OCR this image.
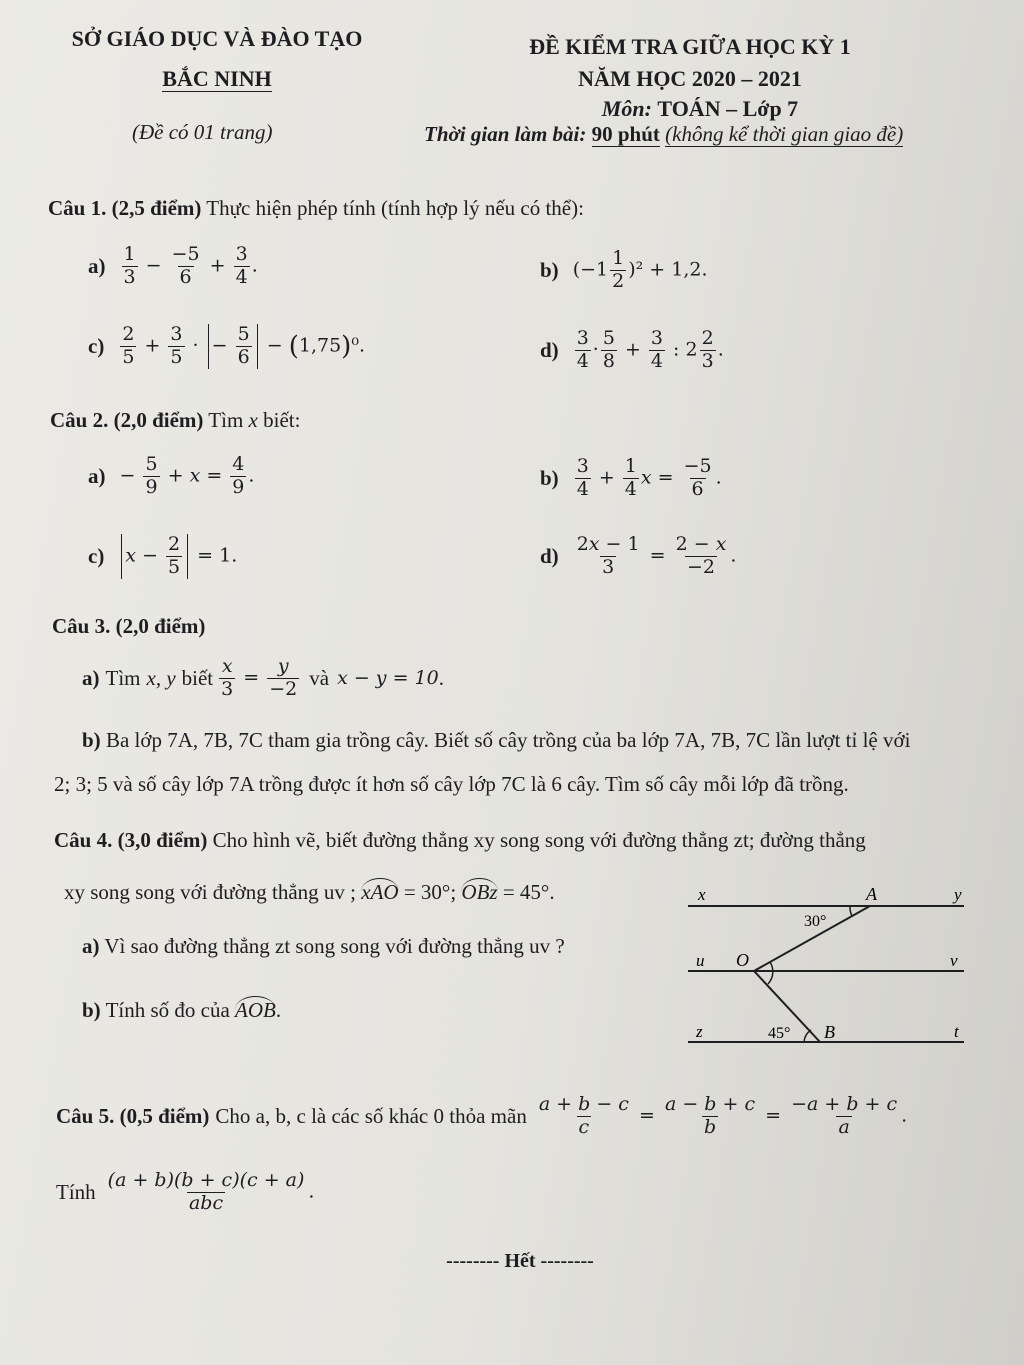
SỞ GIÁO DỤC VÀ ĐÀO TẠO
BẮC NINH
(Đề có 01 trang)
ĐỀ KIỂM TRA GIỮA HỌC KỲ 1
NĂM HỌC 2020 – 2021
Môn: TOÁN – Lớp 7
Thời gian làm bài: 90 phút (không kể thời gian giao đề)
Câu 1. (2,5 điểm) Thực hiện phép tính (tính hợp lý nếu có thể):
$a) \frac{1}{3} - \frac{-5}{6} + \frac{3}{4}$ .	b) $(-1 \frac{1}{2} )^2 + 1,2$.
$c) \frac{2}{5} + \frac{3}{5}$ · − $\frac{5}{6} - (1,75)^0$.	$d) \frac{3}{4} \cdot \frac{5}{8} + \frac{3}{4}$ : $2 \frac{2}{3}$ .
Câu 2. (2,0 điểm) Tìm x biết:
$a) - \frac{5}{9} + x = \frac{4}{9}$ .	$b) \frac{3}{4} + \frac{1}{4}$ $x = \frac{-5}{6}$ .
c)	$x - \frac{2}{5} = 1$.	$d) \frac{2x - 1}{3} = \frac{2 - x}{-2}$ .
Câu 3. (2,0 điểm)
a) Tìm x, y biết $\frac{x}{3} = \frac{y}{-2}$ và x − y = 10 .
b) Ba lớp 7A, 7B, 7C tham gia trồng cây. Biết số cây trồng của ba lớp 7A, 7B, 7C lần lượt tỉ lệ với
2; 3; 5 và số cây lớp 7A trồng được ít hơn số cây lớp 7C là 6 cây. Tìm số cây mỗi lớp đã trồng.
Câu 4. (3,0 điểm) Cho hình vẽ, biết đường thẳng xy song song với đường thẳng zt; đường thẳng
xy song song với đường thẳng uv ; xAO = 30°; OBz = 45°.
a) Vì sao đường thẳng zt song song với đường thẳng uv ?
b) Tính số đo của AOB.
x	A	y
30°
u O	v
z	45° B	t
Câu 5. (0,5 điểm) Cho a, b, c là các số khác 0 thỏa mãn $\frac{a + b - c}{c} = \frac{a - b + c}{b} = \frac{-a + b + c}{a}$ .
Tính $\frac{(a + b)(b + c)(c + a)}{\text{abc}}$ .
-------- Hết --------
